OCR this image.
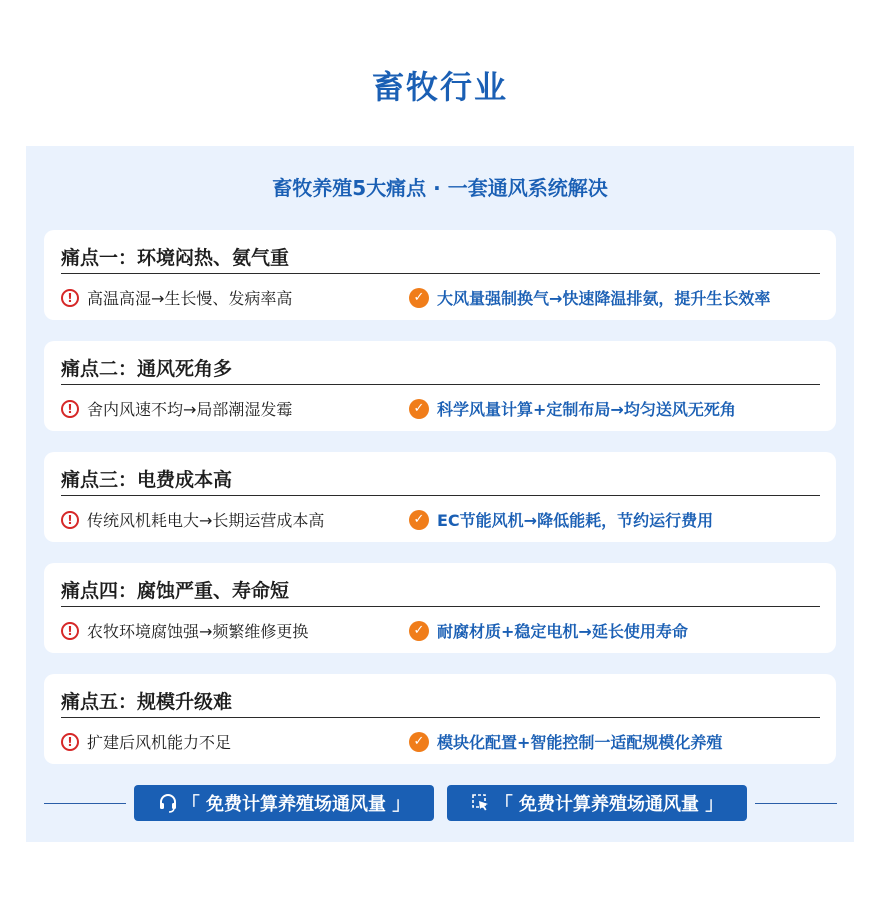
畜牧行业
畜牧养殖5大痛点 · 一套通风系统解决
痛点一：环境闷热、氨气重
! 高温高湿→生长慢、发病率高	✓ 大风量强制换气→快速降温排氨，提升生长效率
痛点二：通风死角多
! 舍内风速不均→局部潮湿发霉	✓ 科学风量计算+定制布局→均匀送风无死角
痛点三：电费成本高
! 传统风机耗电大→长期运营成本高	✓ EC节能风机→降低能耗，节约运行费用
痛点四：腐蚀严重、寿命短
! 农牧环境腐蚀强→频繁维修更换	✓ 耐腐材质+稳定电机→延长使用寿命
痛点五：规模升级难
! 扩建后风机能力不足	✓ 模块化配置+智能控制一适配规模化养殖
「 免费计算养殖场通风量 」	「 免费计算养殖场通风量 」
